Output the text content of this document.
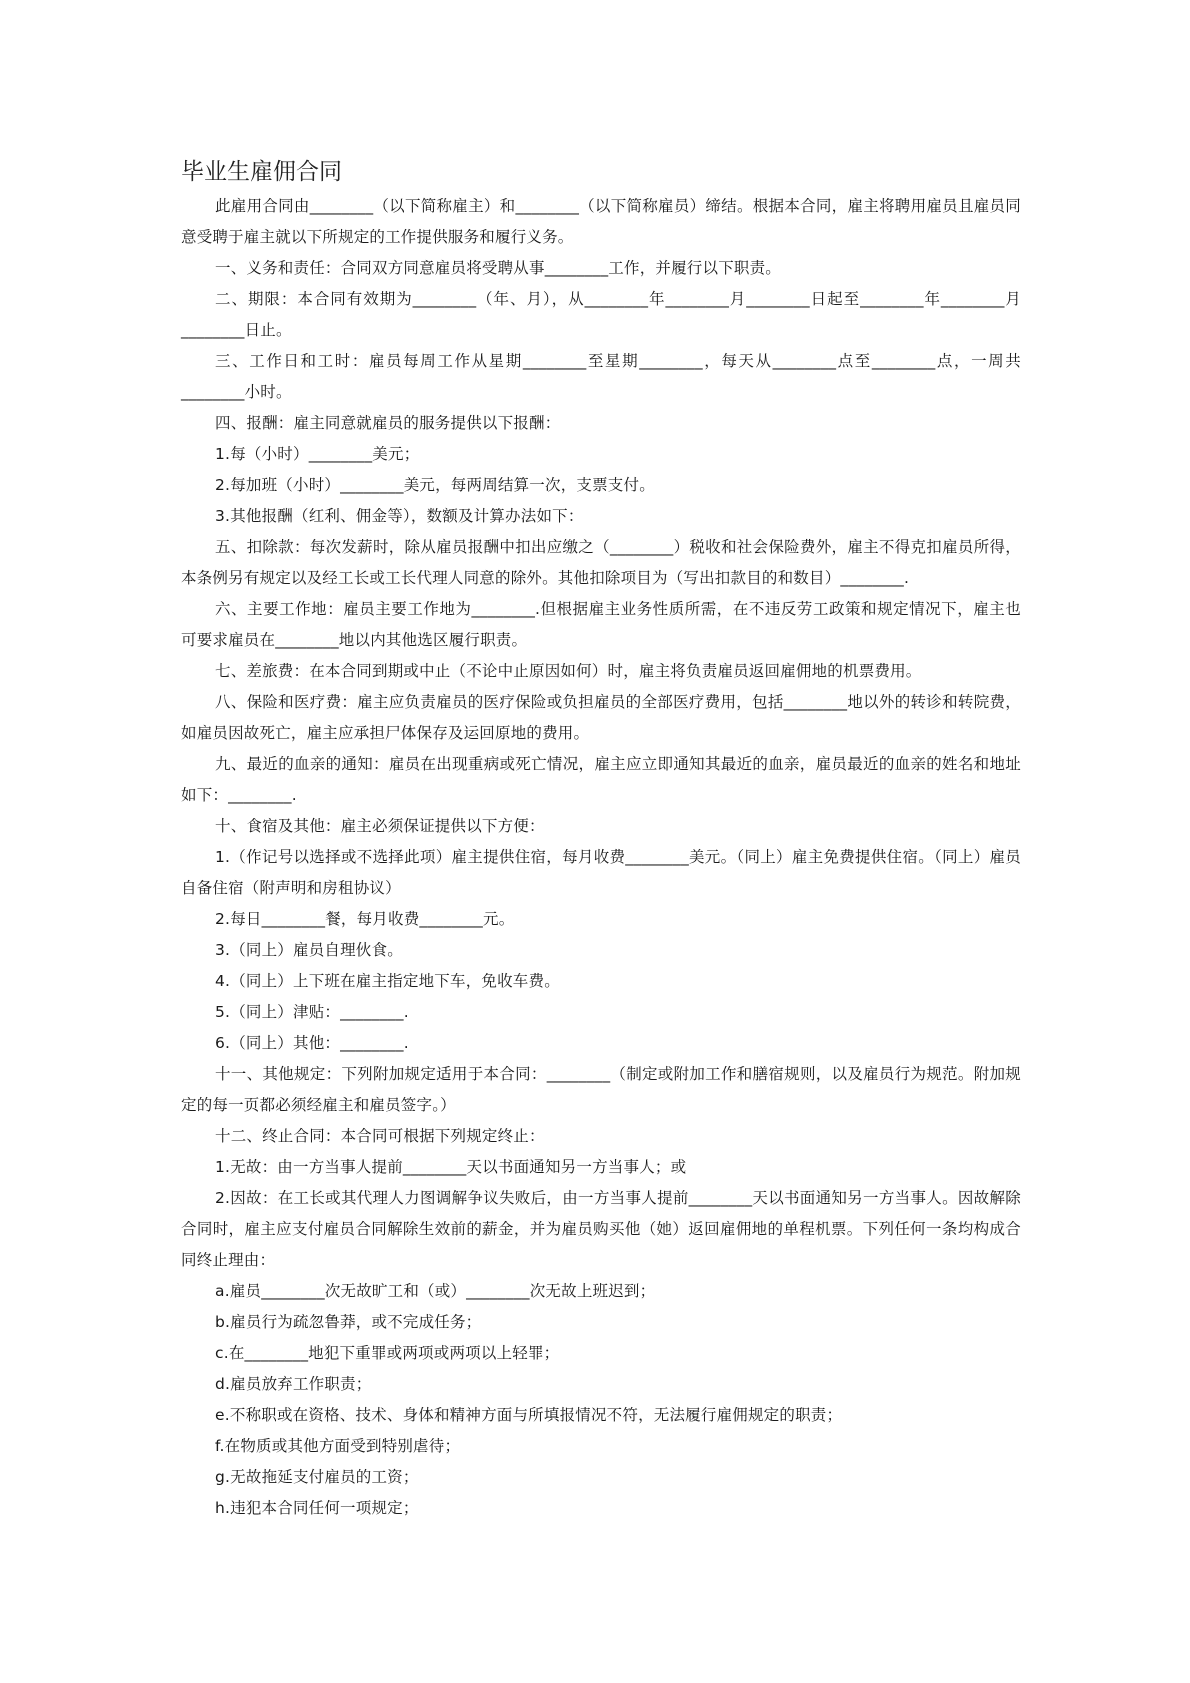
毕业生雇佣合同

此雇用合同由________（以下简称雇主）和________（以下简称雇员）缔结。根据本合同，雇主将聘用雇员且雇员同意受聘于雇主就以下所规定的工作提供服务和履行义务。

一、义务和责任：合同双方同意雇员将受聘从事________工作，并履行以下职责。

二、期限：本合同有效期为________（年、月），从________年________月________日起至________年________月________日止。

三、工作日和工时：雇员每周工作从星期________至星期________，每天从________点至________点，一周共________小时。

四、报酬：雇主同意就雇员的服务提供以下报酬：

1.每（小时）________美元；

2.每加班（小时）________美元，每两周结算一次，支票支付。

3.其他报酬（红利、佣金等），数额及计算办法如下：

五、扣除款：每次发薪时，除从雇员报酬中扣出应缴之（________）税收和社会保险费外，雇主不得克扣雇员所得，本条例另有规定以及经工长或工长代理人同意的除外。其他扣除项目为（写出扣款目的和数目）________.

六、主要工作地：雇员主要工作地为________.但根据雇主业务性质所需，在不违反劳工政策和规定情况下，雇主也可要求雇员在________地以内其他选区履行职责。

七、差旅费：在本合同到期或中止（不论中止原因如何）时，雇主将负责雇员返回雇佣地的机票费用。

八、保险和医疗费：雇主应负责雇员的医疗保险或负担雇员的全部医疗费用，包括________地以外的转诊和转院费，如雇员因故死亡，雇主应承担尸体保存及运回原地的费用。

九、最近的血亲的通知：雇员在出现重病或死亡情况，雇主应立即通知其最近的血亲，雇员最近的血亲的姓名和地址如下：________.

十、食宿及其他：雇主必须保证提供以下方便：

1.（作记号以选择或不选择此项）雇主提供住宿，每月收费________美元。（同上）雇主免费提供住宿。（同上）雇员自备住宿（附声明和房租协议）

2.每日________餐，每月收费________元。

3.（同上）雇员自理伙食。

4.（同上）上下班在雇主指定地下车，免收车费。

5.（同上）津贴：________.

6.（同上）其他：________.

十一、其他规定：下列附加规定适用于本合同：________（制定或附加工作和膳宿规则，以及雇员行为规范。附加规定的每一页都必须经雇主和雇员签字。）

十二、终止合同：本合同可根据下列规定终止：

1.无故：由一方当事人提前________天以书面通知另一方当事人；或

2.因故：在工长或其代理人力图调解争议失败后，由一方当事人提前________天以书面通知另一方当事人。因故解除合同时，雇主应支付雇员合同解除生效前的薪金，并为雇员购买他（她）返回雇佣地的单程机票。下列任何一条均构成合同终止理由：

a.雇员________次无故旷工和（或）________次无故上班迟到；

b.雇员行为疏忽鲁莽，或不完成任务；

c.在________地犯下重罪或两项或两项以上轻罪；

d.雇员放弃工作职责；

e.不称职或在资格、技术、身体和精神方面与所填报情况不符，无法履行雇佣规定的职责；

f.在物质或其他方面受到特别虐待；

g.无故拖延支付雇员的工资；

h.违犯本合同任何一项规定；
